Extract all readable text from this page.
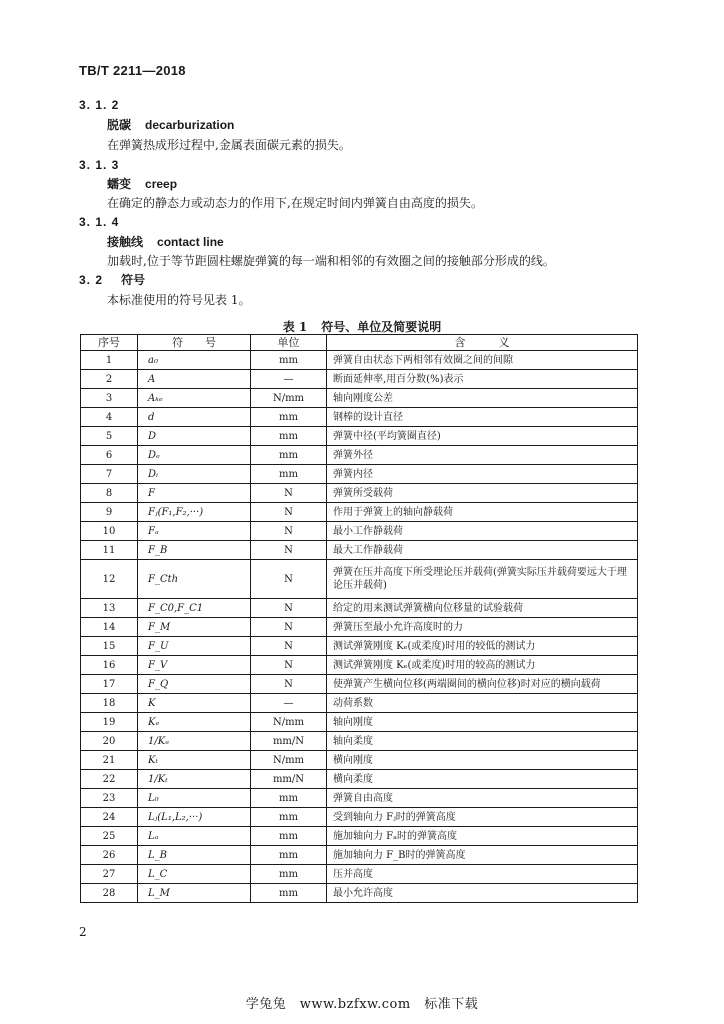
TB/T 2211—2018
3. 1. 2
脱碳 decarburization
在弹簧热成形过程中,金属表面碳元素的损失。
3. 1. 3
蠕变 creep
在确定的静态力或动态力的作用下,在规定时间内弹簧自由高度的损失。
3. 1. 4
接触线 contact line
加载时,位于等节距圆柱螺旋弹簧的每一端和相邻的有效圈之间的接触部分形成的线。
3. 2 符号
本标准使用的符号见表 1。
表 1 符号、单位及简要说明
序号	符　　号	单位	含　　　义
1	a₀	mm	弹簧自由状态下两相邻有效圈之间的间隙
2	A	—	断面延伸率,用百分数(%)表示
3	Aₖₑ	N/mm	轴向刚度公差
4	d	mm	钢棒的设计直径
5	D	mm	弹簧中径(平均簧圈直径)
6	Dₑ	mm	弹簧外径
7	Dᵢ	mm	弹簧内径
8	F	N	弹簧所受载荷
9	Fⱼ(F₁,F₂,···)	N	作用于弹簧上的轴向静载荷
10	Fₐ	N	最小工作静载荷
11	F_B	N	最大工作静载荷
12	F_Cth	N	弹簧在压并高度下所受理论压并载荷(弹簧实际压并载荷要远大于理论压并载荷)
13	F_C0,F_C1	N	给定的用来测试弹簧横向位移量的试验载荷
14	F_M	N	弹簧压至最小允许高度时的力
15	F_U	N	测试弹簧刚度 Kₑ(或柔度)时用的较低的测试力
16	F_V	N	测试弹簧刚度 Kₑ(或柔度)时用的较高的测试力
17	F_Q	N	使弹簧产生横向位移(两端圈间的横向位移)时对应的横向载荷
18	K	—	动荷系数
19	Kₑ	N/mm	轴向刚度
20	1/Kₑ	mm/N	轴向柔度
21	Kₜ	N/mm	横向刚度
22	1/Kₜ	mm/N	横向柔度
23	L₀	mm	弹簧自由高度
24	Lⱼ(L₁,L₂,···)	mm	受到轴向力 Fⱼ时的弹簧高度
25	Lₐ	mm	施加轴向力 Fₐ时的弹簧高度
26	L_B	mm	施加轴向力 F_B时的弹簧高度
27	L_C	mm	压并高度
28	L_M	mm	最小允许高度
2
学兔兔　www.bzfxw.com　标准下载
